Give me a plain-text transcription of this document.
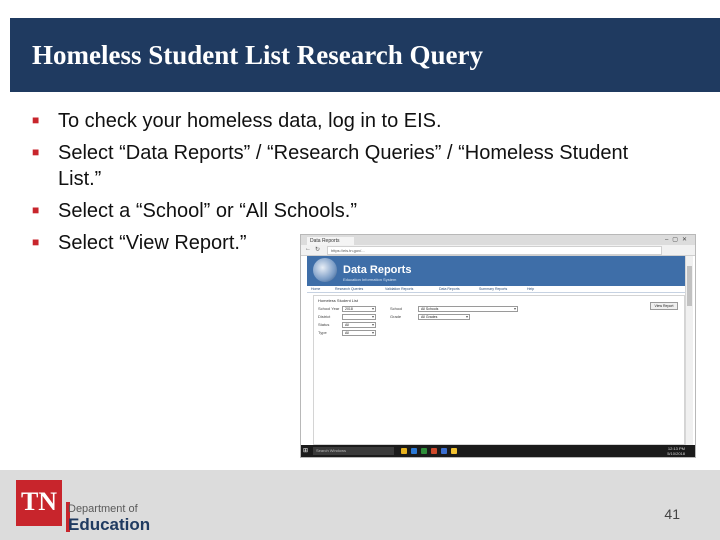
Homeless Student List Research Query
■ To check your homeless data, log in to EIS.
■ Select “Data Reports” / “Research Queries” / “Homeless Student List.”
■ Select a “School” or “All Schools.”
■ Select “View Report.”	Data Reports	–▢✕
← ↻	https://eis.tn.gov/...
Data Reports
Education Information System
Home	Research Queries	Validation Reports	Data Reports	Summary Reports	Help
Homeless Student List
School Year	2018 ▾	School	All Schools ▾
District
▾	Grade	All Grades ▾
Status	All ▾
Type	All ▾
View Report
⊞	Search Windows	12:13 PM
5/10/2018
TN Department of
Education
41
